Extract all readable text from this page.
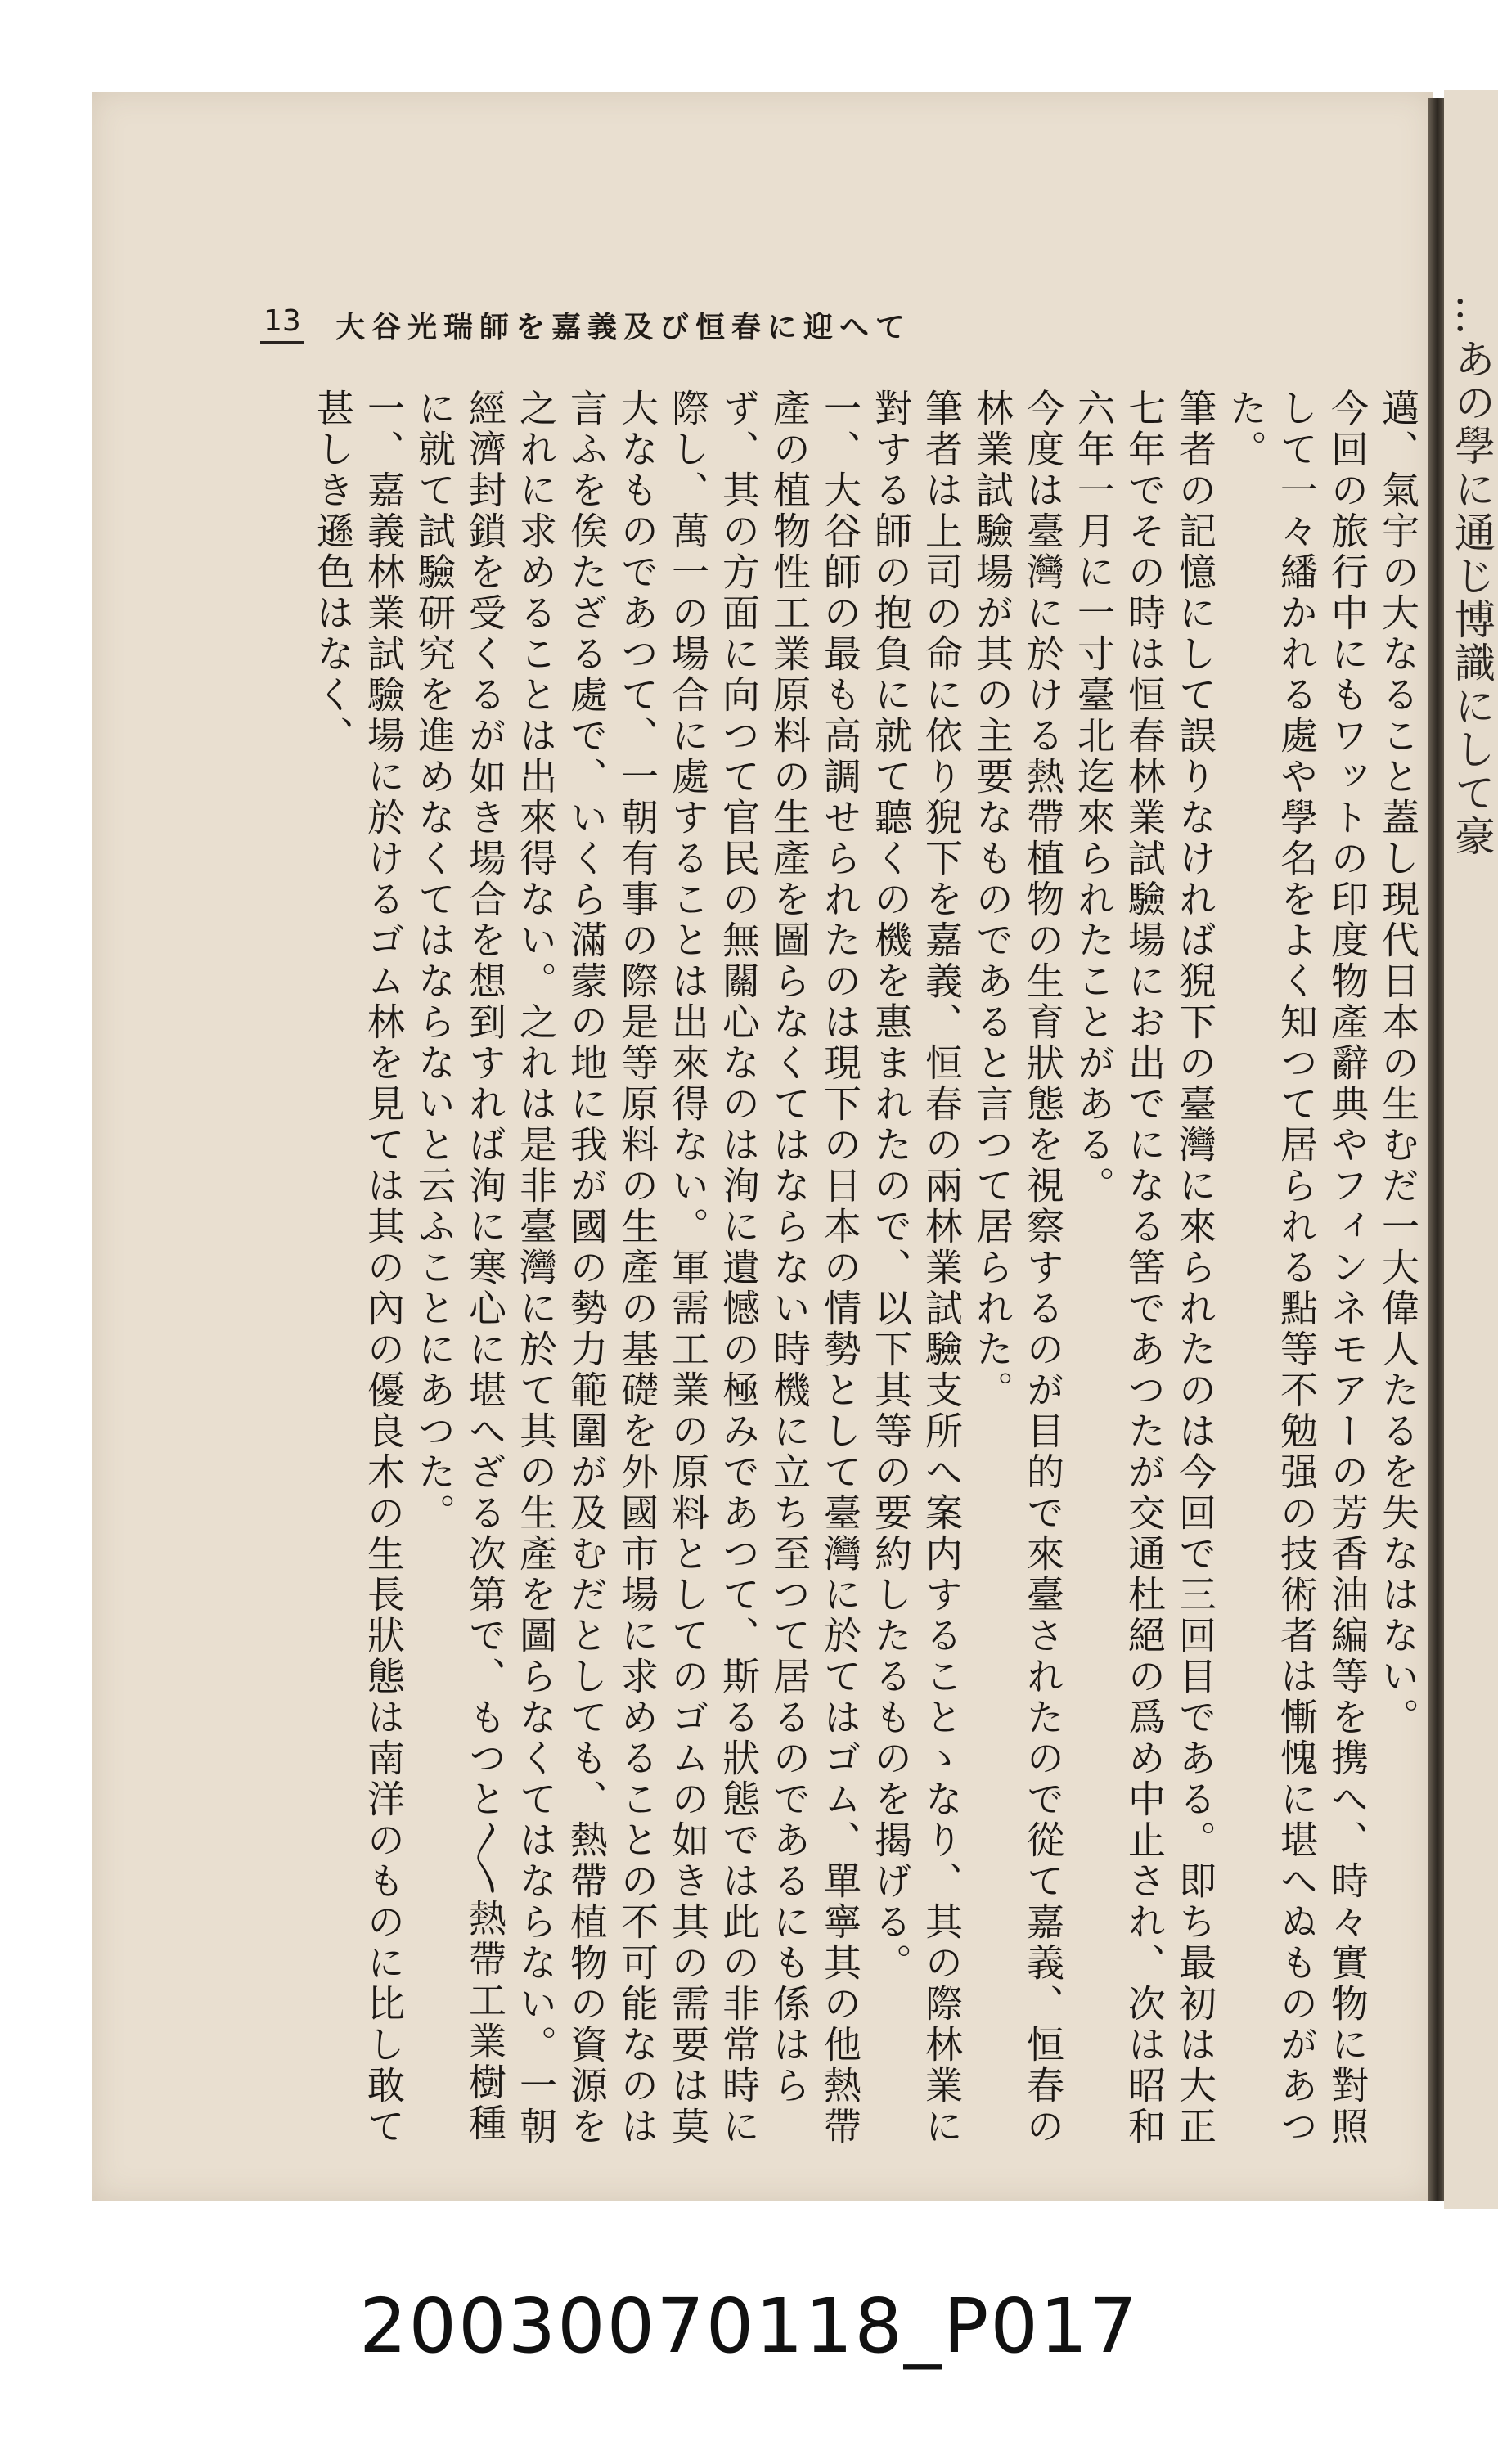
…あの學に通じ博識にして豪
13 大谷光瑞師を嘉義及び恒春に迎へて

邁、氣宇の大なること蓋し現代日本の生むだ一大偉人たるを失なはない。

今回の旅行中にもワットの印度物產辭典やフィンネモアーの芳香油編等を携へ、時々實物に對照して一々繙かれる處や學名をよく知つて居られる點等不勉强の技術者は慚愧に堪へぬものがあつた。

筆者の記憶にして誤りなければ猊下の臺灣に來られたのは今回で三回目である。即ち最初は大正七年でその時は恒春林業試驗場にお出でになる筈であつたが交通杜絕の爲め中止され、次は昭和六年一月に一寸臺北迄來られたことがある。

今度は臺灣に於ける熱帶植物の生育狀態を視察するのが目的で來臺されたので從て嘉義、恒春の林業試驗場が其の主要なものであると言つて居られた。

筆者は上司の命に依り猊下を嘉義、恒春の兩林業試驗支所へ案内することゝなり、其の際林業に對する師の抱負に就て聽くの機を惠まれたので、以下其等の要約したるものを揭げる。

一、大谷師の最も高調せられたのは現下の日本の情勢として臺灣に於てはゴム、單寧其の他熱帶產の植物性工業原料の生產を圖らなくてはならない時機に立ち至つて居るのであるにも係はらず、其の方面に向つて官民の無關心なのは洵に遺憾の極みであつて、斯る狀態では此の非常時に際し、萬一の場合に處することは出來得ない。軍需工業の原料としてのゴムの如き其の需要は莫大なものであつて、一朝有事の際是等原料の生產の基礎を外國市場に求めることの不可能なのは言ふを俟たざる處で、いくら滿蒙の地に我が國の勢力範圍が及むだとしても、熱帶植物の資源を之れに求めることは出來得ない。之れは是非臺灣に於て其の生產を圖らなくてはならない。一朝經濟封鎖を受くるが如き場合を想到すれば洵に寒心に堪へざる次第で、もつと〳〵熱帶工業樹種に就て試驗研究を進めなくてはならないと云ふことにあつた。

一、嘉義林業試驗場に於けるゴム林を見ては其の內の優良木の生長狀態は南洋のものに比し敢て甚しき遜色はなく、

20030070118_P017
